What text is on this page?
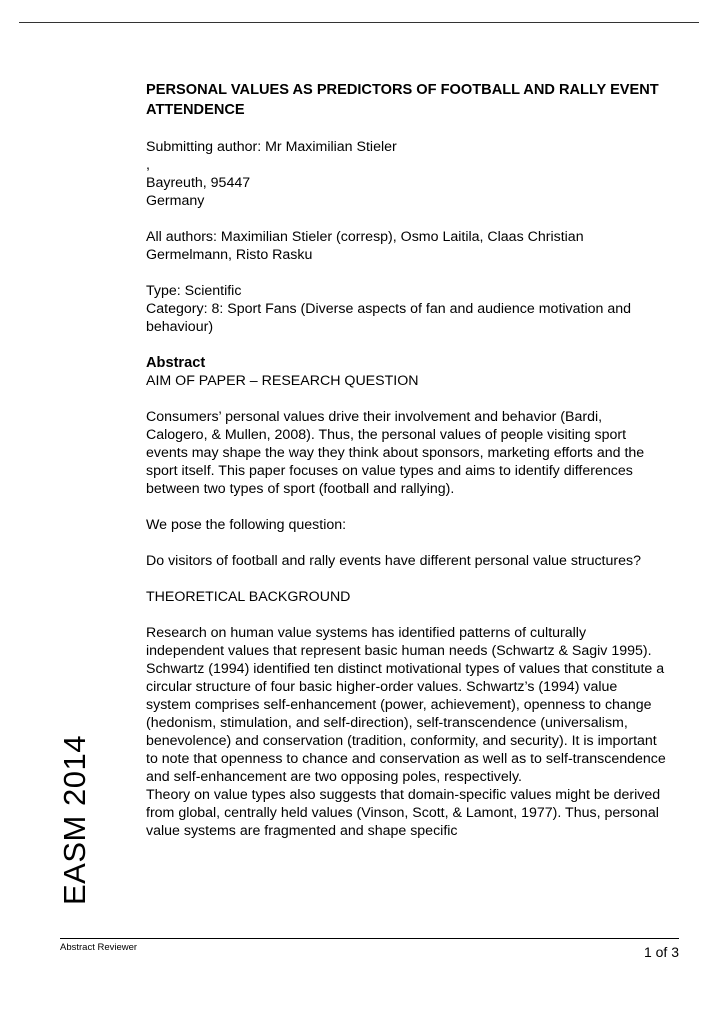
PERSONAL VALUES AS PREDICTORS OF FOOTBALL AND RALLY EVENT ATTENDENCE

Submitting author: Mr Maximilian Stieler

,

Bayreuth, 95447

Germany

All authors: Maximilian Stieler (corresp), Osmo Laitila, Claas Christian Germelmann, Risto Rasku

Type: Scientific

Category: 8: Sport Fans (Diverse aspects of fan and audience motivation and behaviour)

Abstract

AIM OF PAPER – RESEARCH QUESTION

Consumers’ personal values drive their involvement and behavior (Bardi, Calogero, & Mullen, 2008). Thus, the personal values of people visiting sport events may shape the way they think about sponsors, marketing efforts and the sport itself. This paper focuses on value types and aims to identify differences between two types of sport (football and rallying).

We pose the following question:

Do visitors of football and rally events have different personal value structures?

THEORETICAL BACKGROUND

Research on human value systems has identified patterns of culturally independent values that represent basic human needs (Schwartz & Sagiv 1995). Schwartz (1994) identified ten distinct motivational types of values that constitute a circular structure of four basic higher-order values. Schwartz’s (1994) value system comprises self-enhancement (power, achievement), openness to change (hedonism, stimulation, and self-direction), self-transcendence (universalism, benevolence) and conservation (tradition, conformity, and security). It is important to note that openness to chance and conservation as well as to self-transcendence and self-enhancement are two opposing poles, respectively.

Theory on value types also suggests that domain-specific values might be derived from global, centrally held values (Vinson, Scott, & Lamont, 1977). Thus, personal value systems are fragmented and shape specific

EASM 2014
Abstract Reviewer	1 of 3
